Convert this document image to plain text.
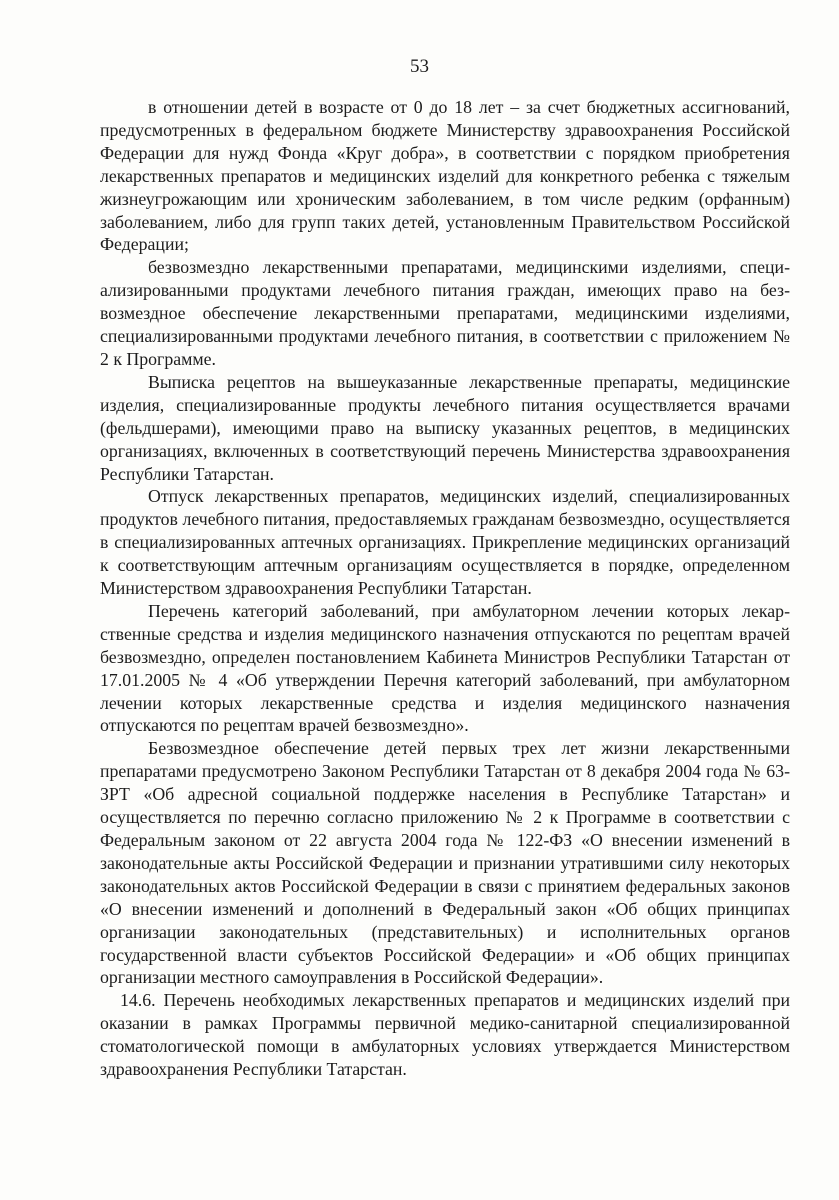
53

в отношении детей в возрасте от 0 до 18 лет – за счет бюджетных ассигнований, предусмотренных в федеральном бюджете Министерству здравоохранения Российской Федерации для нужд Фонда «Круг добра», в соответствии с порядком приобретения лекарственных препаратов и медицинских изделий для конкретного ребенка с тяжелым жизнеугрожающим или хроническим заболеванием, в том числе редким (орфанным) заболеванием, либо для групп таких детей, установленным Правительством Российской Федерации;

безвозмездно лекарственными препаратами, медицинскими изделиями, специализированными продуктами лечебного питания граждан, имеющих право на безвозмездное обеспечение лекарственными препаратами, медицинскими изделиями, специализированными продуктами лечебного питания, в соответствии с приложением № 2 к Программе.

Выписка рецептов на вышеуказанные лекарственные препараты, медицинские изделия, специализированные продукты лечебного питания осуществляется врачами (фельдшерами), имеющими право на выписку указанных рецептов, в медицинских организациях, включенных в соответствующий перечень Министерства здравоохранения Республики Татарстан.

Отпуск лекарственных препаратов, медицинских изделий, специализированных продуктов лечебного питания, предоставляемых гражданам безвозмездно, осуществляется в специализированных аптечных организациях. Прикрепление медицинских организаций к соответствующим аптечным организациям осуществляется в порядке, определенном Министерством здравоохранения Республики Татарстан.

Перечень категорий заболеваний, при амбулаторном лечении которых лекарственные средства и изделия медицинского назначения отпускаются по рецептам врачей безвозмездно, определен постановлением Кабинета Министров Республики Татарстан от 17.01.2005 № 4 «Об утверждении Перечня категорий заболеваний, при амбулаторном лечении которых лекарственные средства и изделия медицинского назначения отпускаются по рецептам врачей безвозмездно».

Безвозмездное обеспечение детей первых трех лет жизни лекарственными препаратами предусмотрено Законом Республики Татарстан от 8 декабря 2004 года № 63-ЗРТ «Об адресной социальной поддержке населения в Республике Татарстан» и осуществляется по перечню согласно приложению № 2 к Программе в соответствии с Федеральным законом от 22 августа 2004 года № 122-ФЗ «О внесении изменений в законодательные акты Российской Федерации и признании утратившими силу некоторых законодательных актов Российской Федерации в связи с принятием федеральных законов «О внесении изменений и дополнений в Федеральный закон «Об общих принципах организации законодательных (представительных) и исполнительных органов государственной власти субъектов Российской Федерации» и «Об общих принципах организации местного самоуправления в Российской Федерации».

14.6. Перечень необходимых лекарственных препаратов и медицинских изделий при оказании в рамках Программы первичной медико-санитарной специализированной стоматологической помощи в амбулаторных условиях утверждается Министерством здравоохранения Республики Татарстан.
